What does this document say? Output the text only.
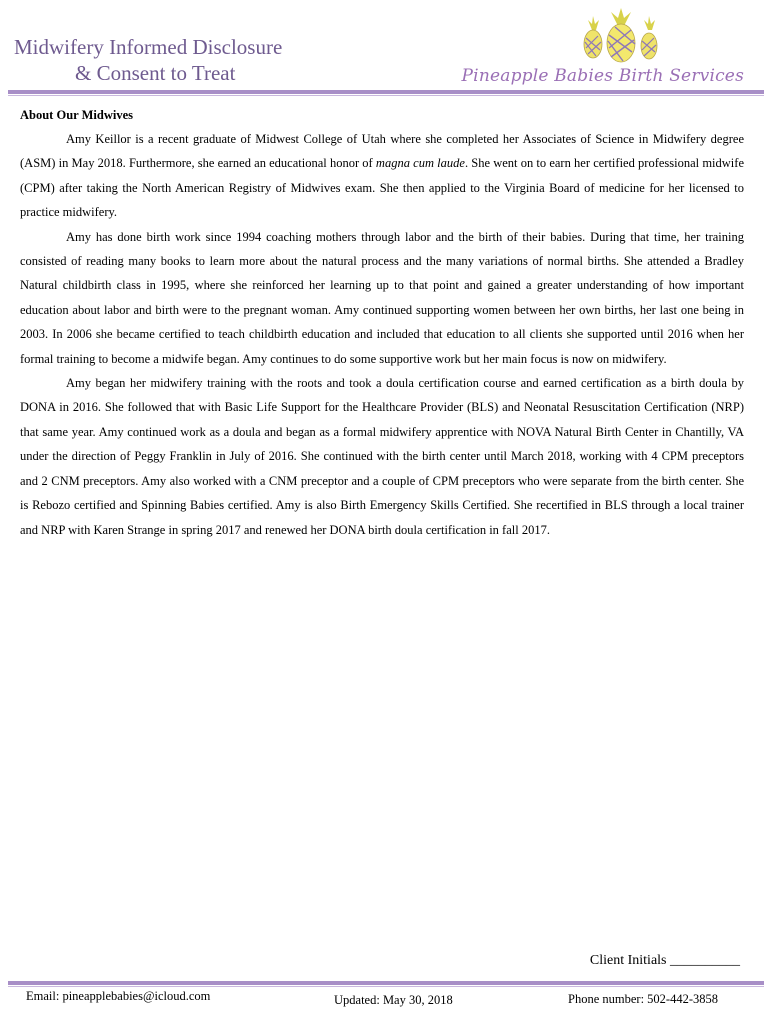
Midwifery Informed Disclosure
& Consent to Treat	Pineapple Babies Birth Services
About Our Midwives

Amy Keillor is a recent graduate of Midwest College of Utah where she completed her Associates of Science in Midwifery degree (ASM) in May 2018. Furthermore, she earned an educational honor of magna cum laude. She went on to earn her certified professional midwife (CPM) after taking the North American Registry of Midwives exam. She then applied to the Virginia Board of medicine for her licensed to practice midwifery.

Amy has done birth work since 1994 coaching mothers through labor and the birth of their babies. During that time, her training consisted of reading many books to learn more about the natural process and the many variations of normal births. She attended a Bradley Natural childbirth class in 1995, where she reinforced her learning up to that point and gained a greater understanding of how important education about labor and birth were to the pregnant woman. Amy continued supporting women between her own births, her last one being in 2003. In 2006 she became certified to teach childbirth education and included that education to all clients she supported until 2016 when her formal training to become a midwife began. Amy continues to do some supportive work but her main focus is now on midwifery.

Amy began her midwifery training with the roots and took a doula certification course and earned certification as a birth doula by DONA in 2016. She followed that with Basic Life Support for the Healthcare Provider (BLS) and Neonatal Resuscitation Certification (NRP) that same year. Amy continued work as a doula and began as a formal midwifery apprentice with NOVA Natural Birth Center in Chantilly, VA under the direction of Peggy Franklin in July of 2016. She continued with the birth center until March 2018, working with 4 CPM preceptors and 2 CNM preceptors. Amy also worked with a CNM preceptor and a couple of CPM preceptors who were separate from the birth center. She is Rebozo certified and Spinning Babies certified. Amy is also Birth Emergency Skills Certified. She recertified in BLS through a local trainer and NRP with Karen Strange in spring 2017 and renewed her DONA birth doula certification in fall 2017.

Client Initials __________
Email: pineapplebabies@icloud.com	Updated: May 30, 2018	Phone number: 502-442-3858
